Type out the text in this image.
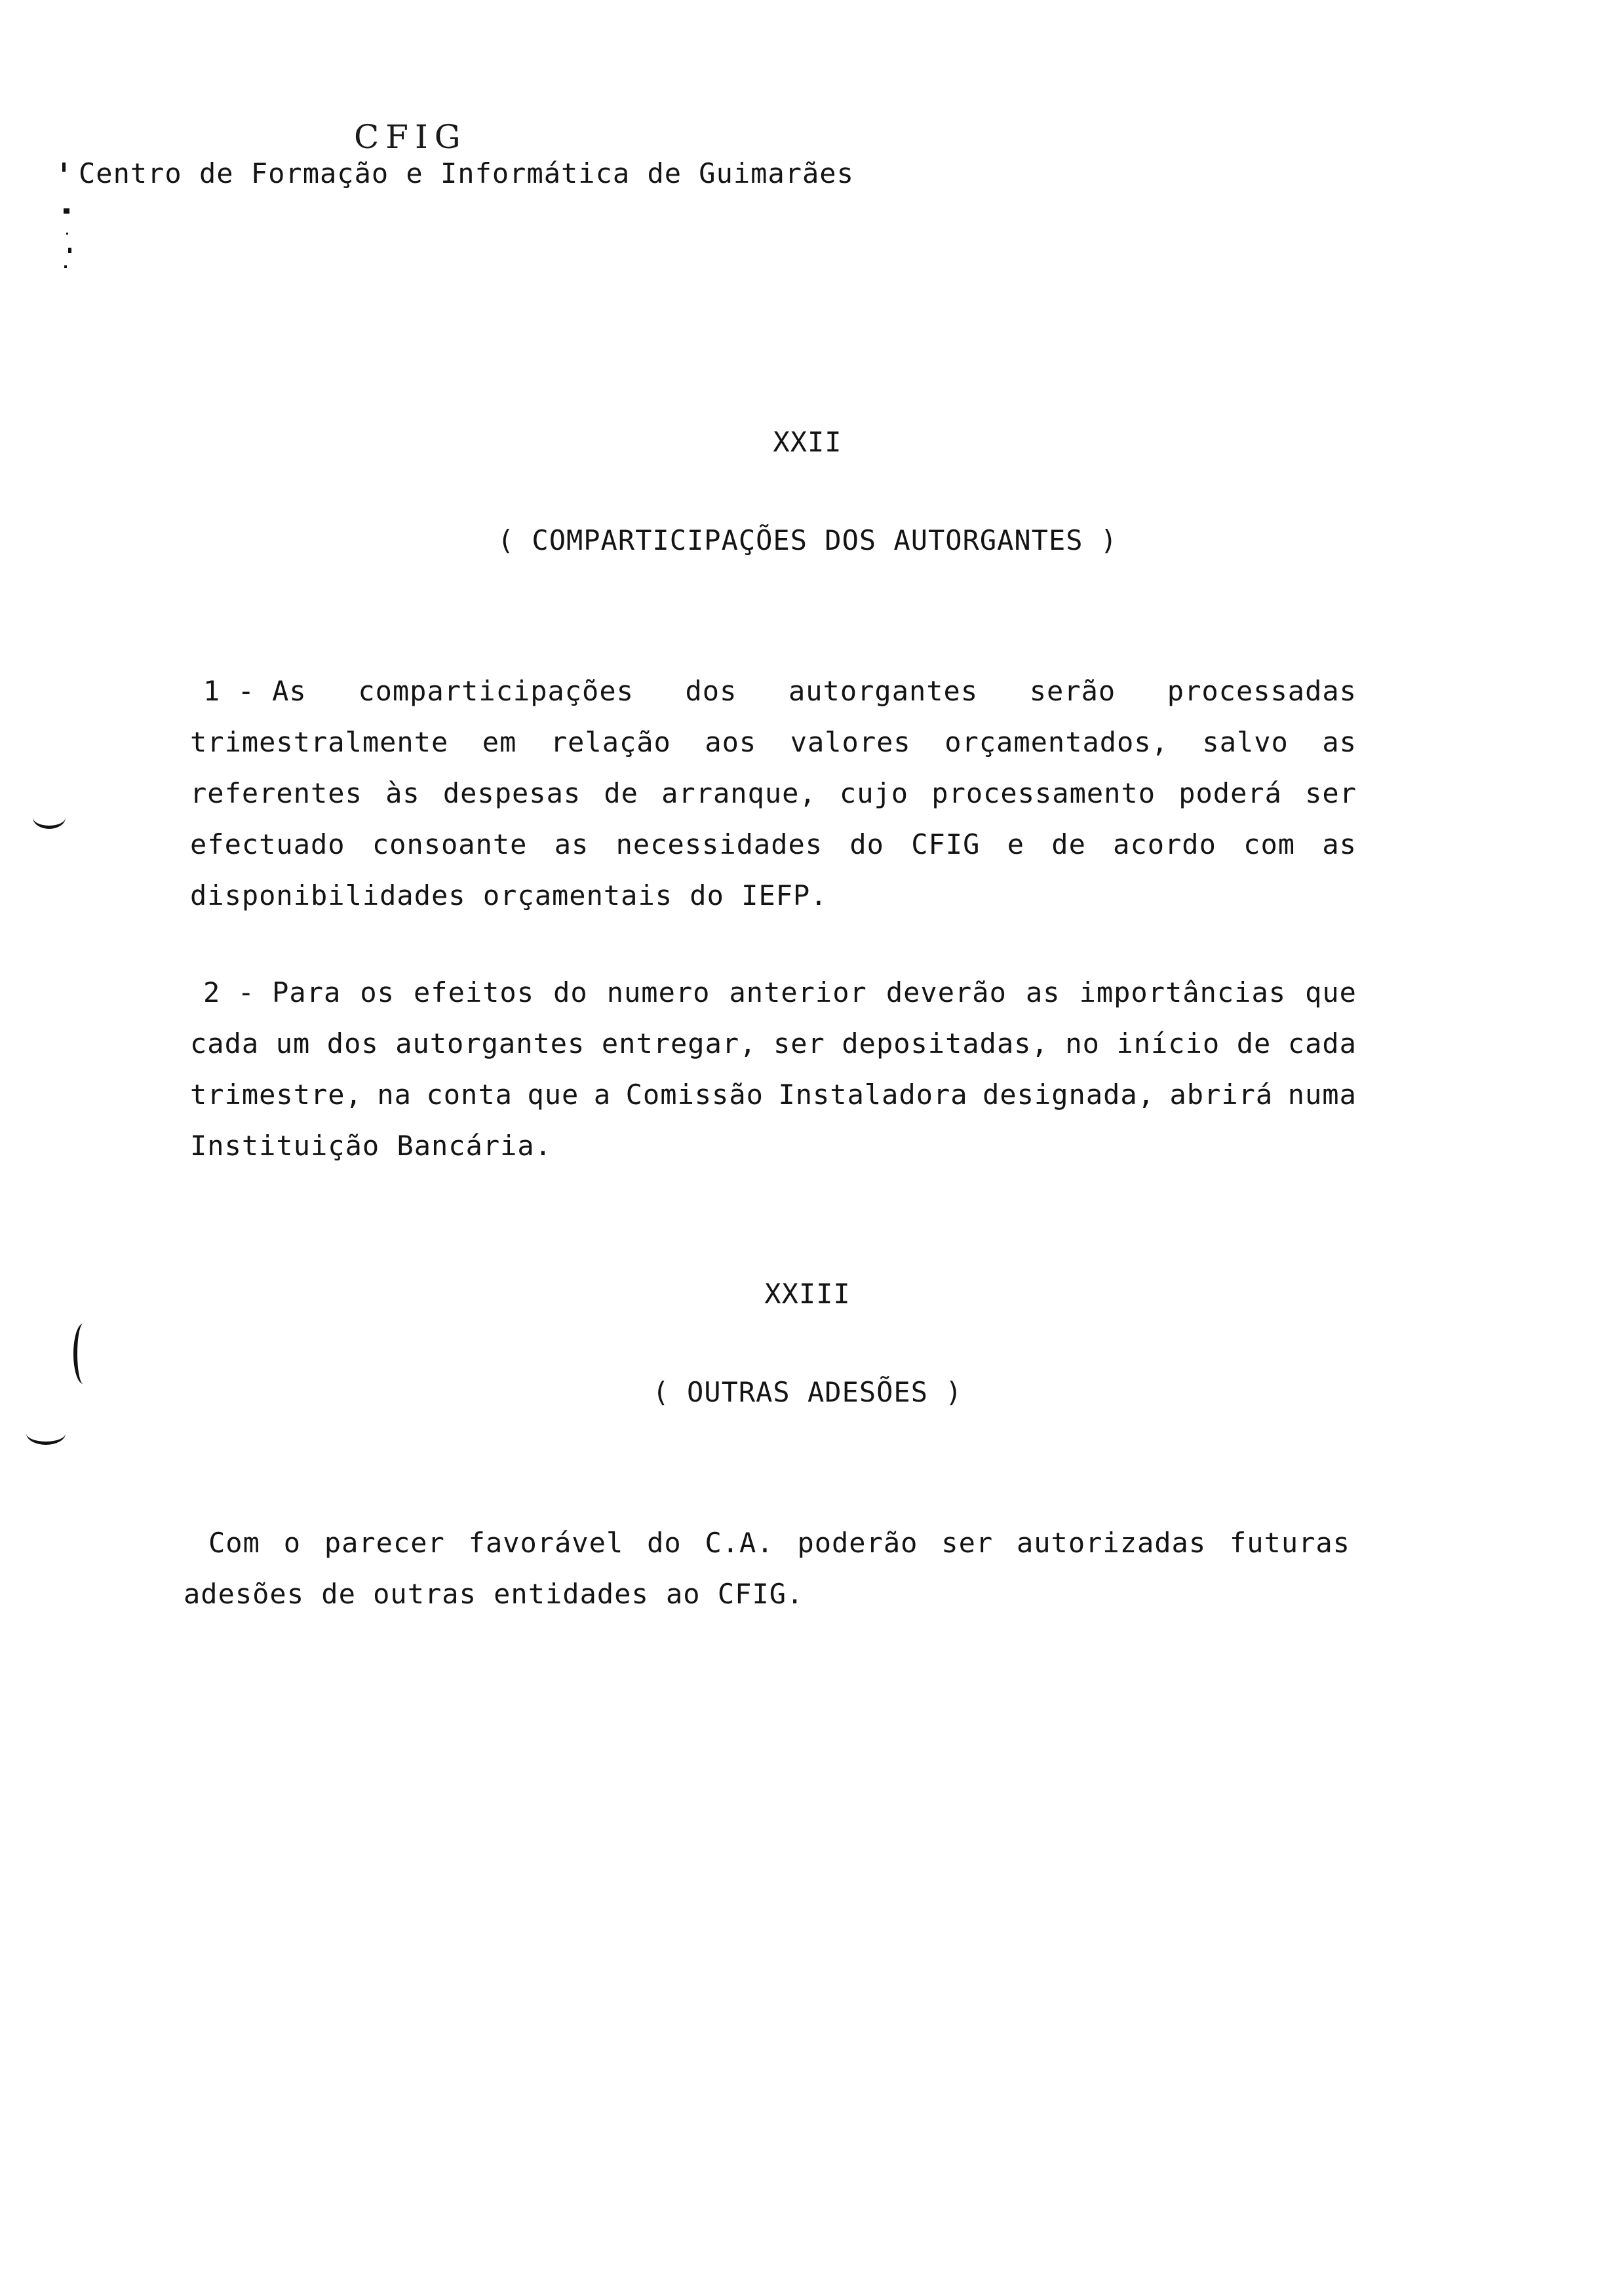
CFIG
Centro de Formação e Informática de Guimarães
XXII
( COMPARTICIPAÇÕES DOS AUTORGANTES )
1 - As comparticipações dos autorgantes serão processadas
trimestralmente em relação aos valores orçamentados, salvo as
referentes às despesas de arranque, cujo processamento poderá ser
efectuado consoante as necessidades do CFIG e de acordo com as
disponibilidades orçamentais do IEFP.
2 - Para os efeitos do numero anterior deverão as importâncias que
cada um dos autorgantes entregar, ser depositadas, no início de cada
trimestre, na conta que a Comissão Instaladora designada, abrirá numa
Instituição Bancária.
XXIII
( OUTRAS ADESÕES )
Com o parecer favorável do C.A. poderão ser autorizadas futuras
adesões de outras entidades ao CFIG.
